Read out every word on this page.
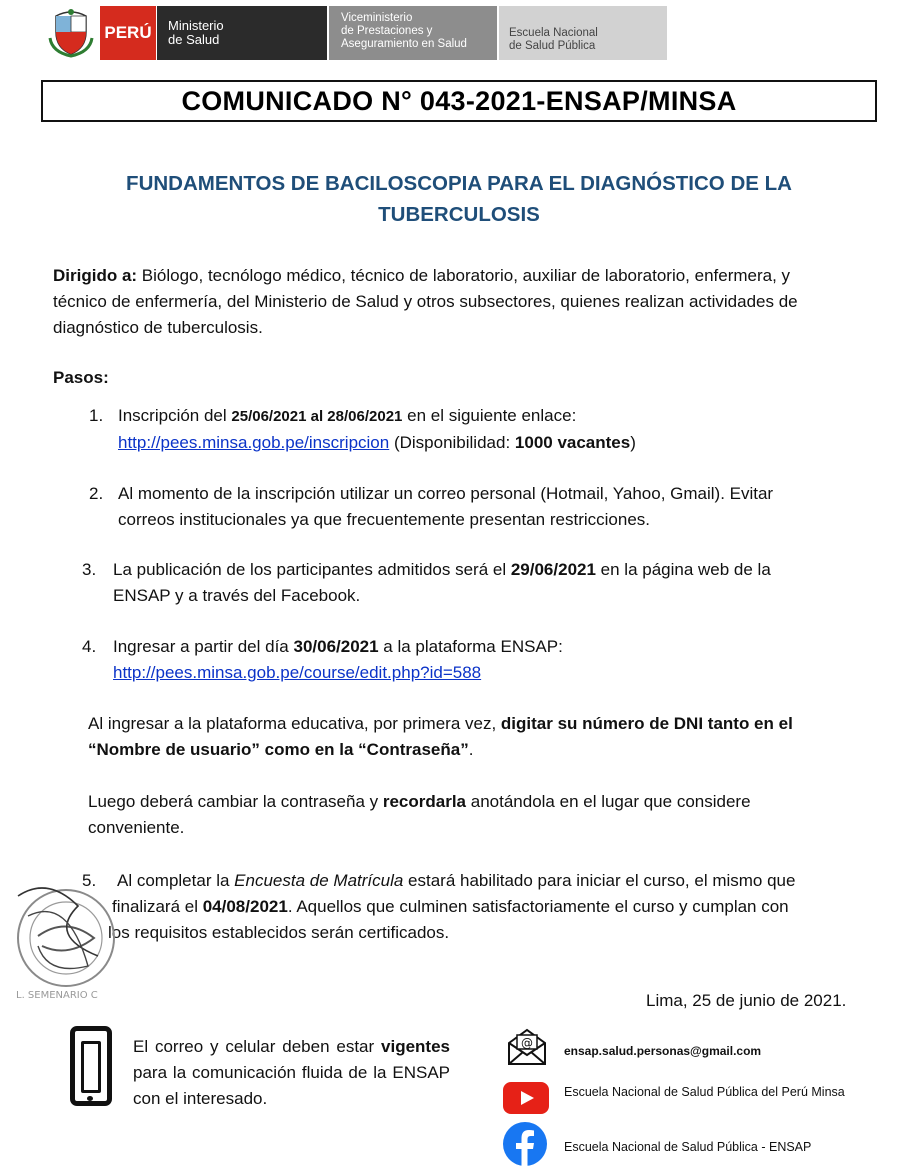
PERÚ Ministerio
de Salud
Viceministerio
de Prestaciones y
Aseguramiento en Salud
Escuela Nacional
de Salud Pública
COMUNICADO N° 043-2021-ENSAP/MINSA
FUNDAMENTOS DE BACILOSCOPIA PARA EL DIAGNÓSTICO DE LA
TUBERCULOSIS
Dirigido a: Biólogo, tecnólogo médico, técnico de laboratorio, auxiliar de laboratorio, enfermera, y
técnico de enfermería, del Ministerio de Salud y otros subsectores, quienes realizan actividades de
diagnóstico de tuberculosis.
Pasos:
1. Inscripción del 25/06/2021 al 28/06/2021 en el siguiente enlace:
http://pees.minsa.gob.pe/inscripcion (Disponibilidad: 1000 vacantes)
2. Al momento de la inscripción utilizar un correo personal (Hotmail, Yahoo, Gmail). Evitar
correos institucionales ya que frecuentemente presentan restricciones.
3. La publicación de los participantes admitidos será el 29/06/2021 en la página web de la
ENSAP y a través del Facebook.
4. Ingresar a partir del día 30/06/2021 a la plataforma ENSAP:
http://pees.minsa.gob.pe/course/edit.php?id=588
Al ingresar a la plataforma educativa, por primera vez, digitar su número de DNI tanto en el
“Nombre de usuario” como en la “Contraseña”.
Luego deberá cambiar la contraseña y recordarla anotándola en el lugar que considere
conveniente.
5. Al completar la Encuesta de Matrícula estará habilitado para iniciar el curso, el mismo que
finalizará el 04/08/2021. Aquellos que culminen satisfactoriamente el curso y cumplan con
los requisitos establecidos serán certificados.
L. SEMENARIO C	Lima, 25 de junio de 2021.
El correo y celular deben estar vigentes para la comunicación fluida de la ENSAP con el interesado.
@
ensap.salud.personas@gmail.com
Escuela Nacional de Salud Pública del Perú Minsa
Escuela Nacional de Salud Pública - ENSAP
